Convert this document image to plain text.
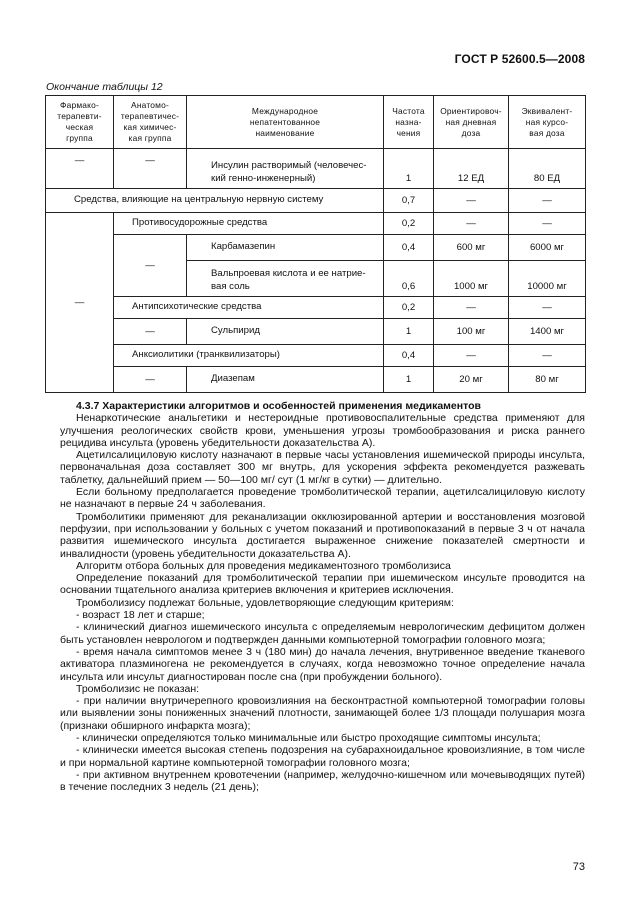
ГОСТ Р 52600.5—2008
Окончание таблицы 12
Фармако-
терапевти-
ческая
группа	Анатомо-
терапевтичес-
кая химичес-
кая группа	Международное
непатентованное
наименование	Частота
назна-
чения	Ориентировоч-
ная дневная
доза	Эквивалент-
ная курсо-
вая доза
—	—	Инсулин растворимый (человечес-
кий генно-инженерный)	1	12 ЕД	80 ЕД
Средства, влияющие на центральную нервную систему			0,7	—	—
—	Противосудорожные средства		0,2	—	—
	—	Карбамазепин	0,4	600 мг	6000 мг
		Вальпроевая кислота и ее натрие-
вая соль	0,6	1000 мг	10000 мг
	Антипсихотические средства		0,2	—	—
	—	Сульпирид	1	100 мг	1400 мг
	Анксиолитики (транквилизаторы)		0,4	—	—
	—	Диазепам	1	20 мг	80 мг

4.3.7 Характеристики алгоритмов и особенностей применения медикаментов

Ненаркотические анальгетики и нестероидные противовоспалительные средства применяют для улучшения реологических свойств крови, уменьшения угрозы тромбообразования и риска раннего рецидива инсульта (уровень убедительности доказательства А).

Ацетилсалициловую кислоту назначают в первые часы установления ишемической природы инсульта, первоначальная доза составляет 300 мг внутрь, для ускорения эффекта рекомендуется разжевать таблетку, дальнейший прием — 50—100 мг/ сут (1 мг/кг в сутки) — длительно.

Если больному предполагается проведение тромболитической терапии, ацетилсалициловую кислоту не назначают в первые 24 ч заболевания.

Тромболитики применяют для реканализации окклюзированной артерии и восстановления мозговой перфузии, при использовании у больных с учетом показаний и противопоказаний в первые 3 ч от начала развития ишемического инсульта достигается выраженное снижение показателей смертности и инвалидности (уровень убедительности доказательства А).

Алгоритм отбора больных для проведения медикаментозного тромболизиса

Определение показаний для тромболитической терапии при ишемическом инсульте проводится на основании тщательного анализа критериев включения и критериев исключения.

Тромболизису подлежат больные, удовлетворяющие следующим критериям:

- возраст 18 лет и старше;

- клинический диагноз ишемического инсульта с определяемым неврологическим дефицитом должен быть установлен неврологом и подтвержден данными компьютерной томографии головного мозга;

- время начала симптомов менее 3 ч (180 мин) до начала лечения, внутривенное введение тканевого активатора плазминогена не рекомендуется в случаях, когда невозможно точное определение начала инсульта или инсульт диагностирован после сна (при пробуждении больного).

Тромболизис не показан:

- при наличии внутричерепного кровоизлияния на бесконтрастной компьютерной томографии головы или выявлении зоны пониженных значений плотности, занимающей более 1/3 площади полушария мозга (признаки обширного инфаркта мозга);

- клинически определяются только минимальные или быстро проходящие симптомы инсульта;

- клинически имеется высокая степень подозрения на субарахноидальное кровоизлияние, в том числе и при нормальной картине компьютерной томографии головного мозга;

- при активном внутреннем кровотечении (например, желудочно-кишечном или мочевыводящих путей) в течение последних 3 недель (21 день);

73
